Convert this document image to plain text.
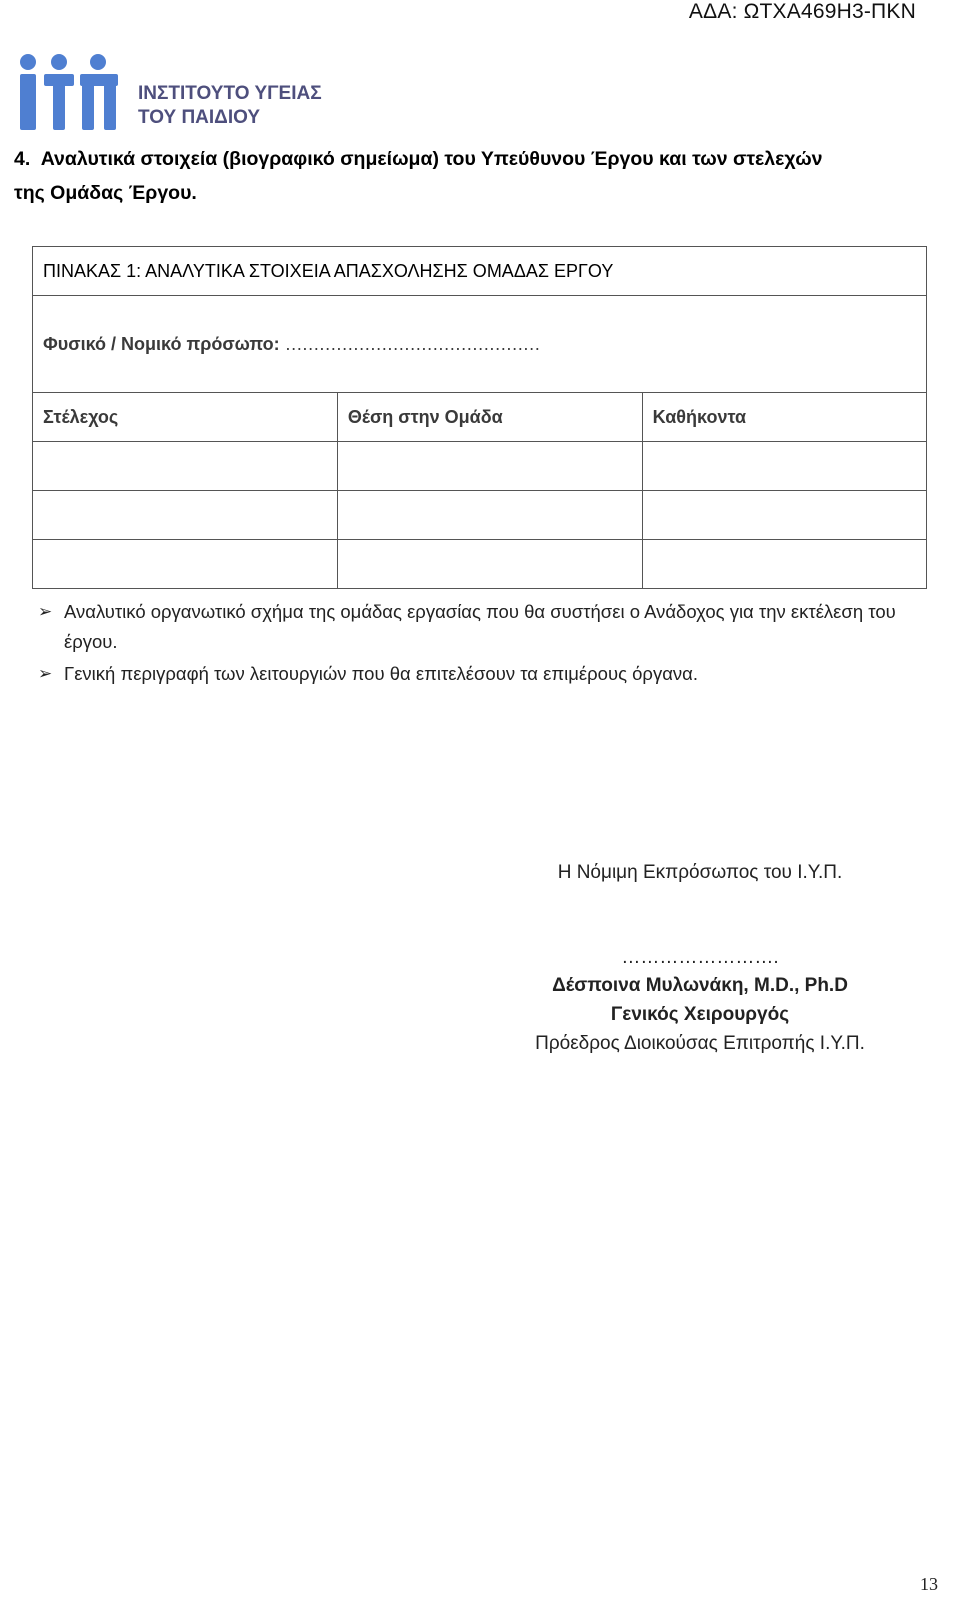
ΑΔΑ: ΩΤΧΑ469Η3-ΠΚΝ
ΙΝΣΤΙΤΟΥΤΟ ΥΓΕΙΑΣ
ΤΟΥ ΠΑΙΔΙΟΥ
4. Αναλυτικά στοιχεία (βιογραφικό σημείωμα) του Υπεύθυνου Έργου και των στελεχών
της Ομάδας Έργου.
ΠΙΝΑΚΑΣ 1: ΑΝΑΛΥΤΙΚΑ ΣΤΟΙΧΕΙΑ ΑΠΑΣΧΟΛΗΣΗΣ ΟΜΑΔΑΣ ΕΡΓΟΥ		
Φυσικό / Νομικό πρόσωπο: ………………………………………		
Στέλεχος	Θέση στην Ομάδα	Καθήκοντα

➢ Αναλυτικό οργανωτικό σχήμα της ομάδας εργασίας που θα συστήσει ο Ανάδοχος για την εκτέλεση του έργου.
➢ Γενική περιγραφή των λειτουργιών που θα επιτελέσουν τα επιμέρους όργανα.
Η Νόμιμη Εκπρόσωπος του Ι.Υ.Π.
…………………….
Δέσποινα Μυλωνάκη, M.D., Ph.D
Γενικός Χειρουργός
Πρόεδρος Διοικούσας Επιτροπής Ι.Υ.Π.
13
